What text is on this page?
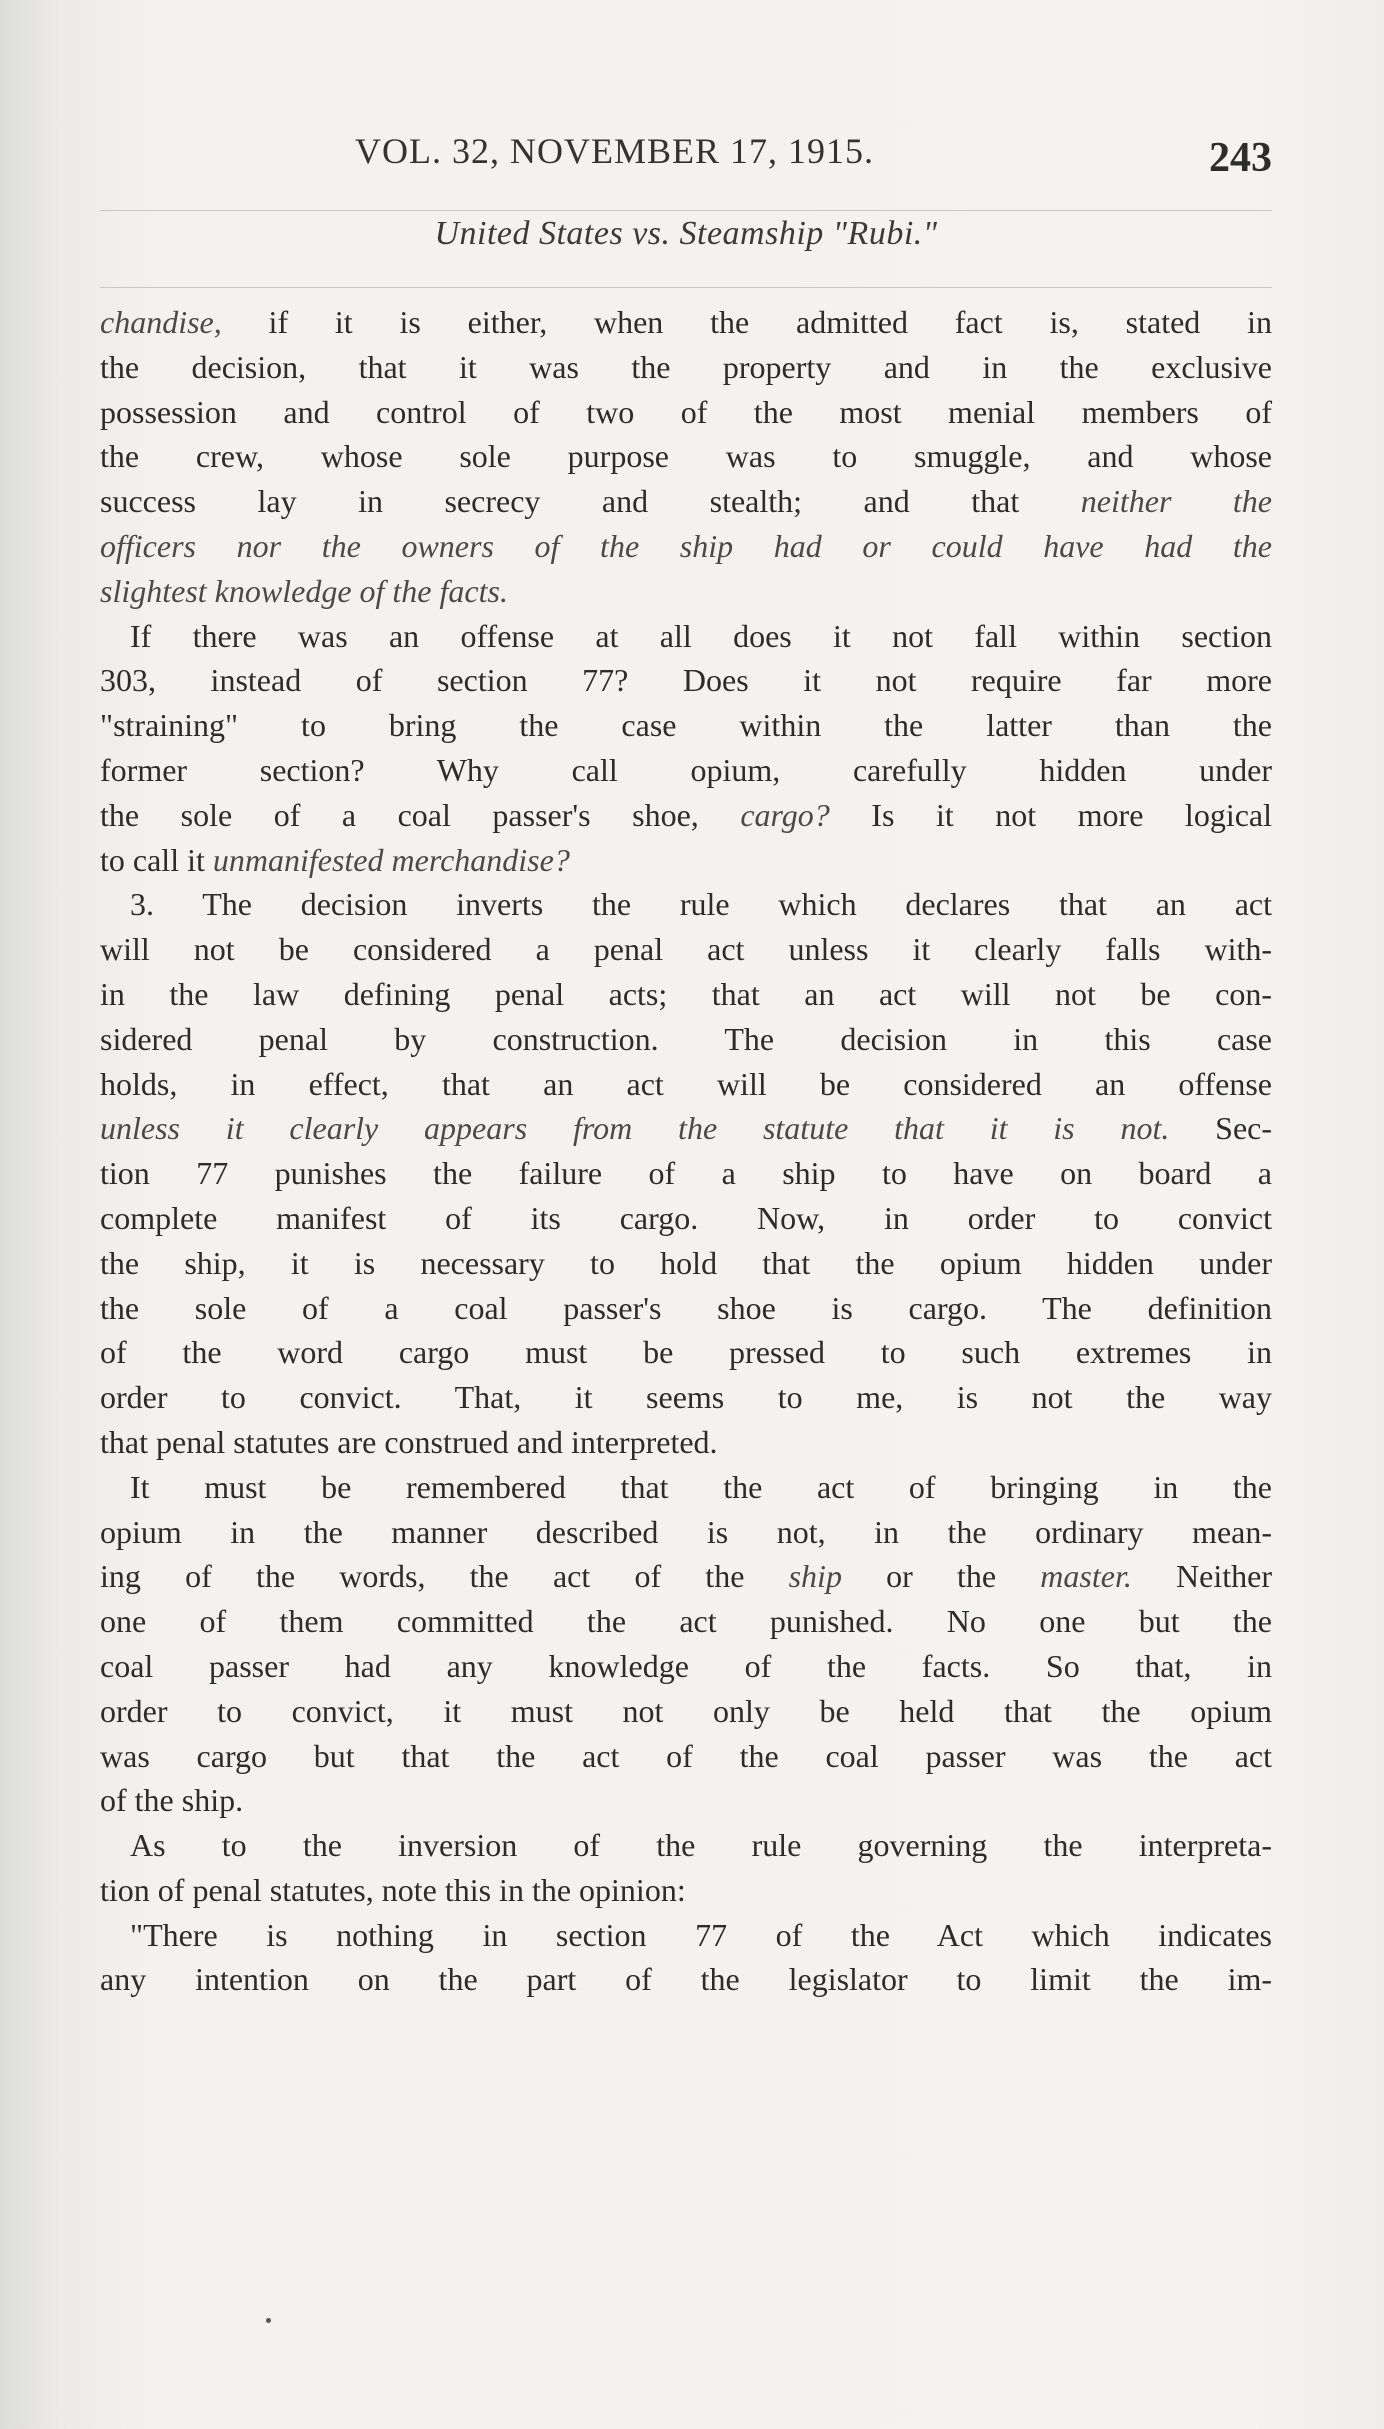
VOL. 32, NOVEMBER 17, 1915.	243
United States vs. Steamship "Rubi."
chandise, if it is either, when the admitted fact is, stated in
the decision, that it was the property and in the exclusive
possession and control of two of the most menial members of
the crew, whose sole purpose was to smuggle, and whose
success lay in secrecy and stealth; and that neither the
officers nor the owners of the ship had or could have had the
slightest knowledge of the facts.
If there was an offense at all does it not fall within section
303, instead of section 77? Does it not require far more
"straining" to bring the case within the latter than the
former section? Why call opium, carefully hidden under
the sole of a coal passer's shoe, cargo? Is it not more logical
to call it unmanifested merchandise?
3. The decision inverts the rule which declares that an act
will not be considered a penal act unless it clearly falls with-
in the law defining penal acts; that an act will not be con-
sidered penal by construction. The decision in this case
holds, in effect, that an act will be considered an offense
unless it clearly appears from the statute that it is not. Sec-
tion 77 punishes the failure of a ship to have on board a
complete manifest of its cargo. Now, in order to convict
the ship, it is necessary to hold that the opium hidden under
the sole of a coal passer's shoe is cargo. The definition
of the word cargo must be pressed to such extremes in
order to convict. That, it seems to me, is not the way
that penal statutes are construed and interpreted.
It must be remembered that the act of bringing in the
opium in the manner described is not, in the ordinary mean-
ing of the words, the act of the ship or the master. Neither
one of them committed the act punished. No one but the
coal passer had any knowledge of the facts. So that, in
order to convict, it must not only be held that the opium
was cargo but that the act of the coal passer was the act
of the ship.
As to the inversion of the rule governing the interpreta-
tion of penal statutes, note this in the opinion:
"There is nothing in section 77 of the Act which indicates
any intention on the part of the legislator to limit the im-
